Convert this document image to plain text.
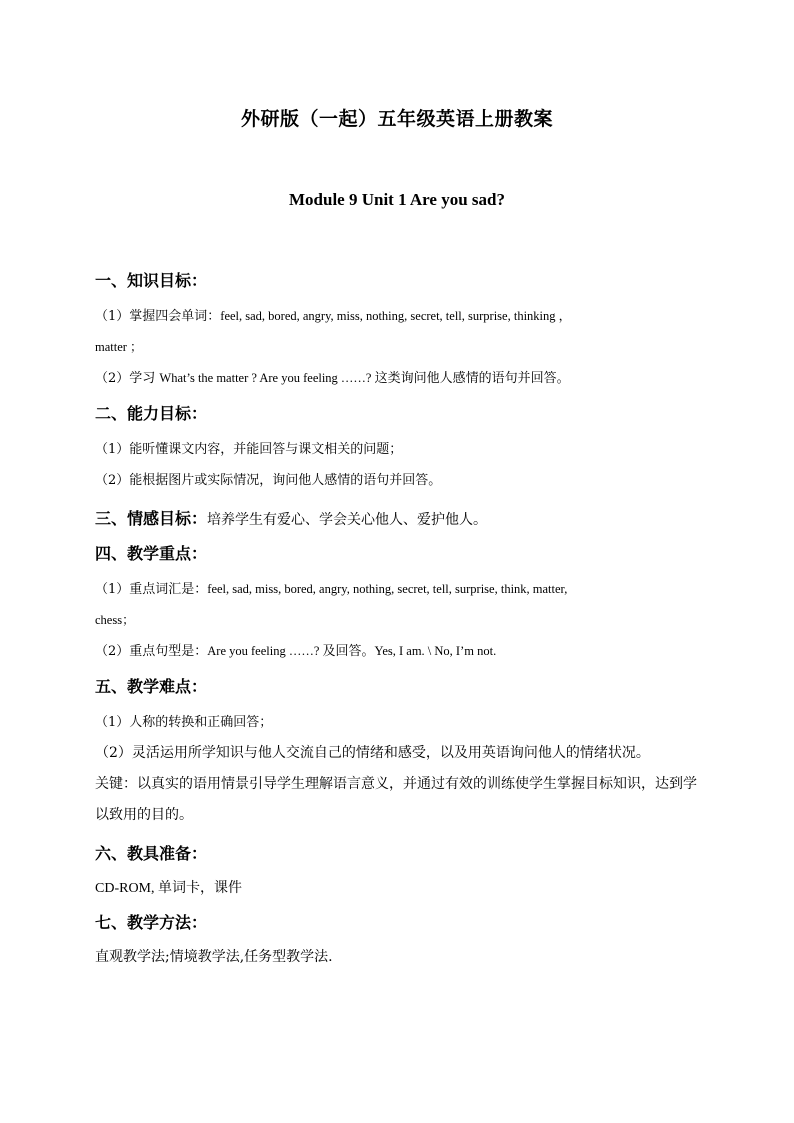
外研版（一起）五年级英语上册教案
Module 9 Unit 1 Are you sad?

一、知识目标：

（1）掌握四会单词：feel, sad, bored, angry, miss, nothing, secret, tell, surprise, thinking ，

matter ；

（2）学习 What’s the matter ? Are you feeling ……? 这类询问他人感情的语句并回答。

二、能力目标：

（1）能听懂课文内容，并能回答与课文相关的问题；

（2）能根据图片或实际情况，询问他人感情的语句并回答。

三、情感目标：培养学生有爱心、学会关心他人、爱护他人。

四、教学重点：

（1）重点词汇是：feel, sad, miss, bored, angry, nothing, secret, tell, surprise, think, matter,

chess；

（2）重点句型是：Are you feeling ……? 及回答。Yes, I am. \ No, I’m not.

五、教学难点：

（1）人称的转换和正确回答；

（2）灵活运用所学知识与他人交流自己的情绪和感受，以及用英语询问他人的情绪状况。

关键：以真实的语用情景引导学生理解语言意义，并通过有效的训练使学生掌握目标知识，达到学以致用的目的。

六、教具准备：

CD-ROM, 单词卡，课件

七、教学方法：

直观教学法;情境教学法,任务型教学法.
